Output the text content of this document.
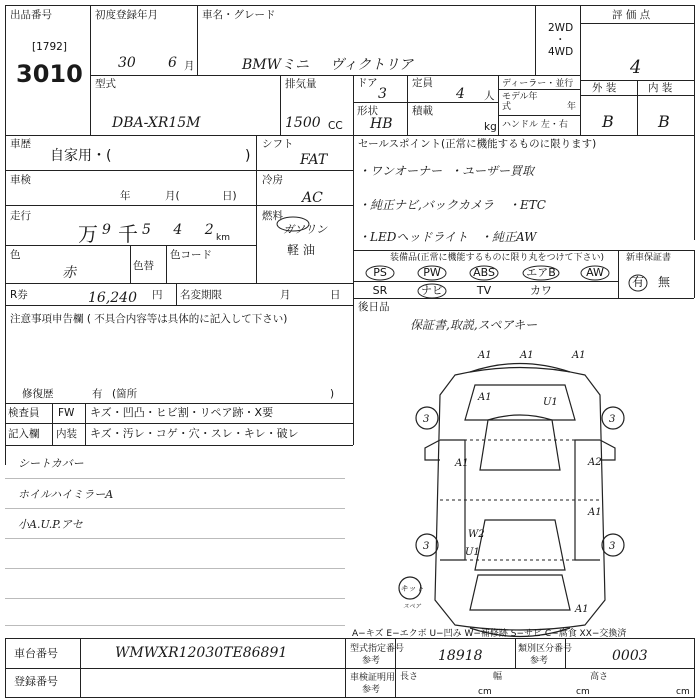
出品番号
[1792]
3010
初度登録年月
30 6 月
車名・グレード
BMWミニ ヴィクトリア
2WD
・
4WD
評 価 点
4
型式
DBA-XR15M
排気量
1500 CC
ドア
3
定員
4 人
形状
HB
積載
kg
ディーラー・並行
モデル年式	年
ハンドル 左・右
外 装	内 装
B	B
車歴
自家用・(	)
シフト
FAT
車検
年	月(	日)
冷房
AC
走行
万 9 千 5 4 2
km
燃料
ガソリン
軽 油
色
赤	色替
色コード
R券	16,240 円 名変期限	月	日
注意事項申告欄 ( 不具合内容等は具体的に記入して下さい)
修復歴	有 (箇所	)
セールスポイント(正常に機能するものに限ります)
・ワンオーナー ・ユーザー買取
・純正ナビ,バックカメラ ・ETC
・LEDヘッドライト ・純正AW
装備品(正常に機能するものに限り丸をつけて下さい)
PS	PW	ABS	エアB	AW
SR	ナビ	TV	カワ
新車保証書
有 無
後日品
保証書,取説,スペアキー
検査員
記入欄
FW キズ・凹凸・ヒビ割・リペア跡・X要
内装 キズ・汚レ・コゲ・穴・スレ・キレ・破レ
シートカバー
ホイルハイミラーA
小A.U.P.アセ
A1	A1	A1
A1	U1
A2
A1
W2
U1
A1
A1
3	3
3	3
キット
スペア
A−キズ E−エクボ U−凹み W−補修跡 S−サビ C−腐食 XX−交換済
車台番号	WMWXR12030TE86891
登録番号
型式指定番号
参考	18918	類別区分番号
参考	0003
車検証明用
参考
長さ
cm
幅
cm
高さ
cm
